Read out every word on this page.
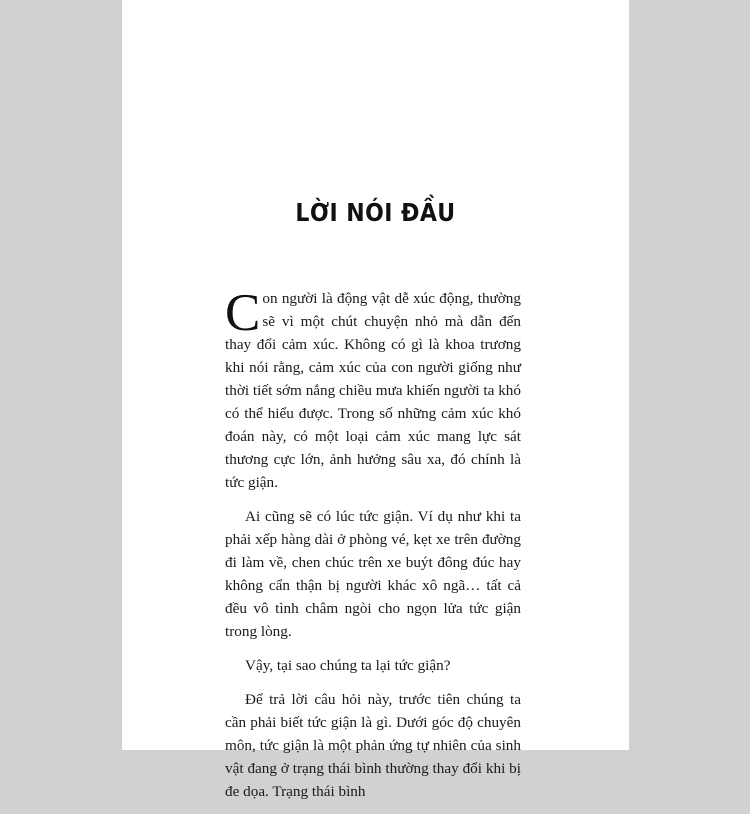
LỜI NÓI ĐẦU

Con người là động vật dễ xúc động, thường sẽ vì một chút chuyện nhỏ mà dẫn đến thay đổi cảm xúc. Không có gì là khoa trương khi nói rằng, cảm xúc của con người giống như thời tiết sớm nắng chiều mưa khiến người ta khó có thể hiểu được. Trong số những cảm xúc khó đoán này, có một loại cảm xúc mang lực sát thương cực lớn, ảnh hưởng sâu xa, đó chính là tức giận.

Ai cũng sẽ có lúc tức giận. Ví dụ như khi ta phải xếp hàng dài ở phòng vé, kẹt xe trên đường đi làm về, chen chúc trên xe buýt đông đúc hay không cẩn thận bị người khác xô ngã… tất cả đều vô tình châm ngòi cho ngọn lửa tức giận trong lòng.

Vậy, tại sao chúng ta lại tức giận?

Để trả lời câu hỏi này, trước tiên chúng ta cần phải biết tức giận là gì. Dưới góc độ chuyên môn, tức giận là một phản ứng tự nhiên của sinh vật đang ở trạng thái bình thường thay đổi khi bị đe dọa. Trạng thái bình
